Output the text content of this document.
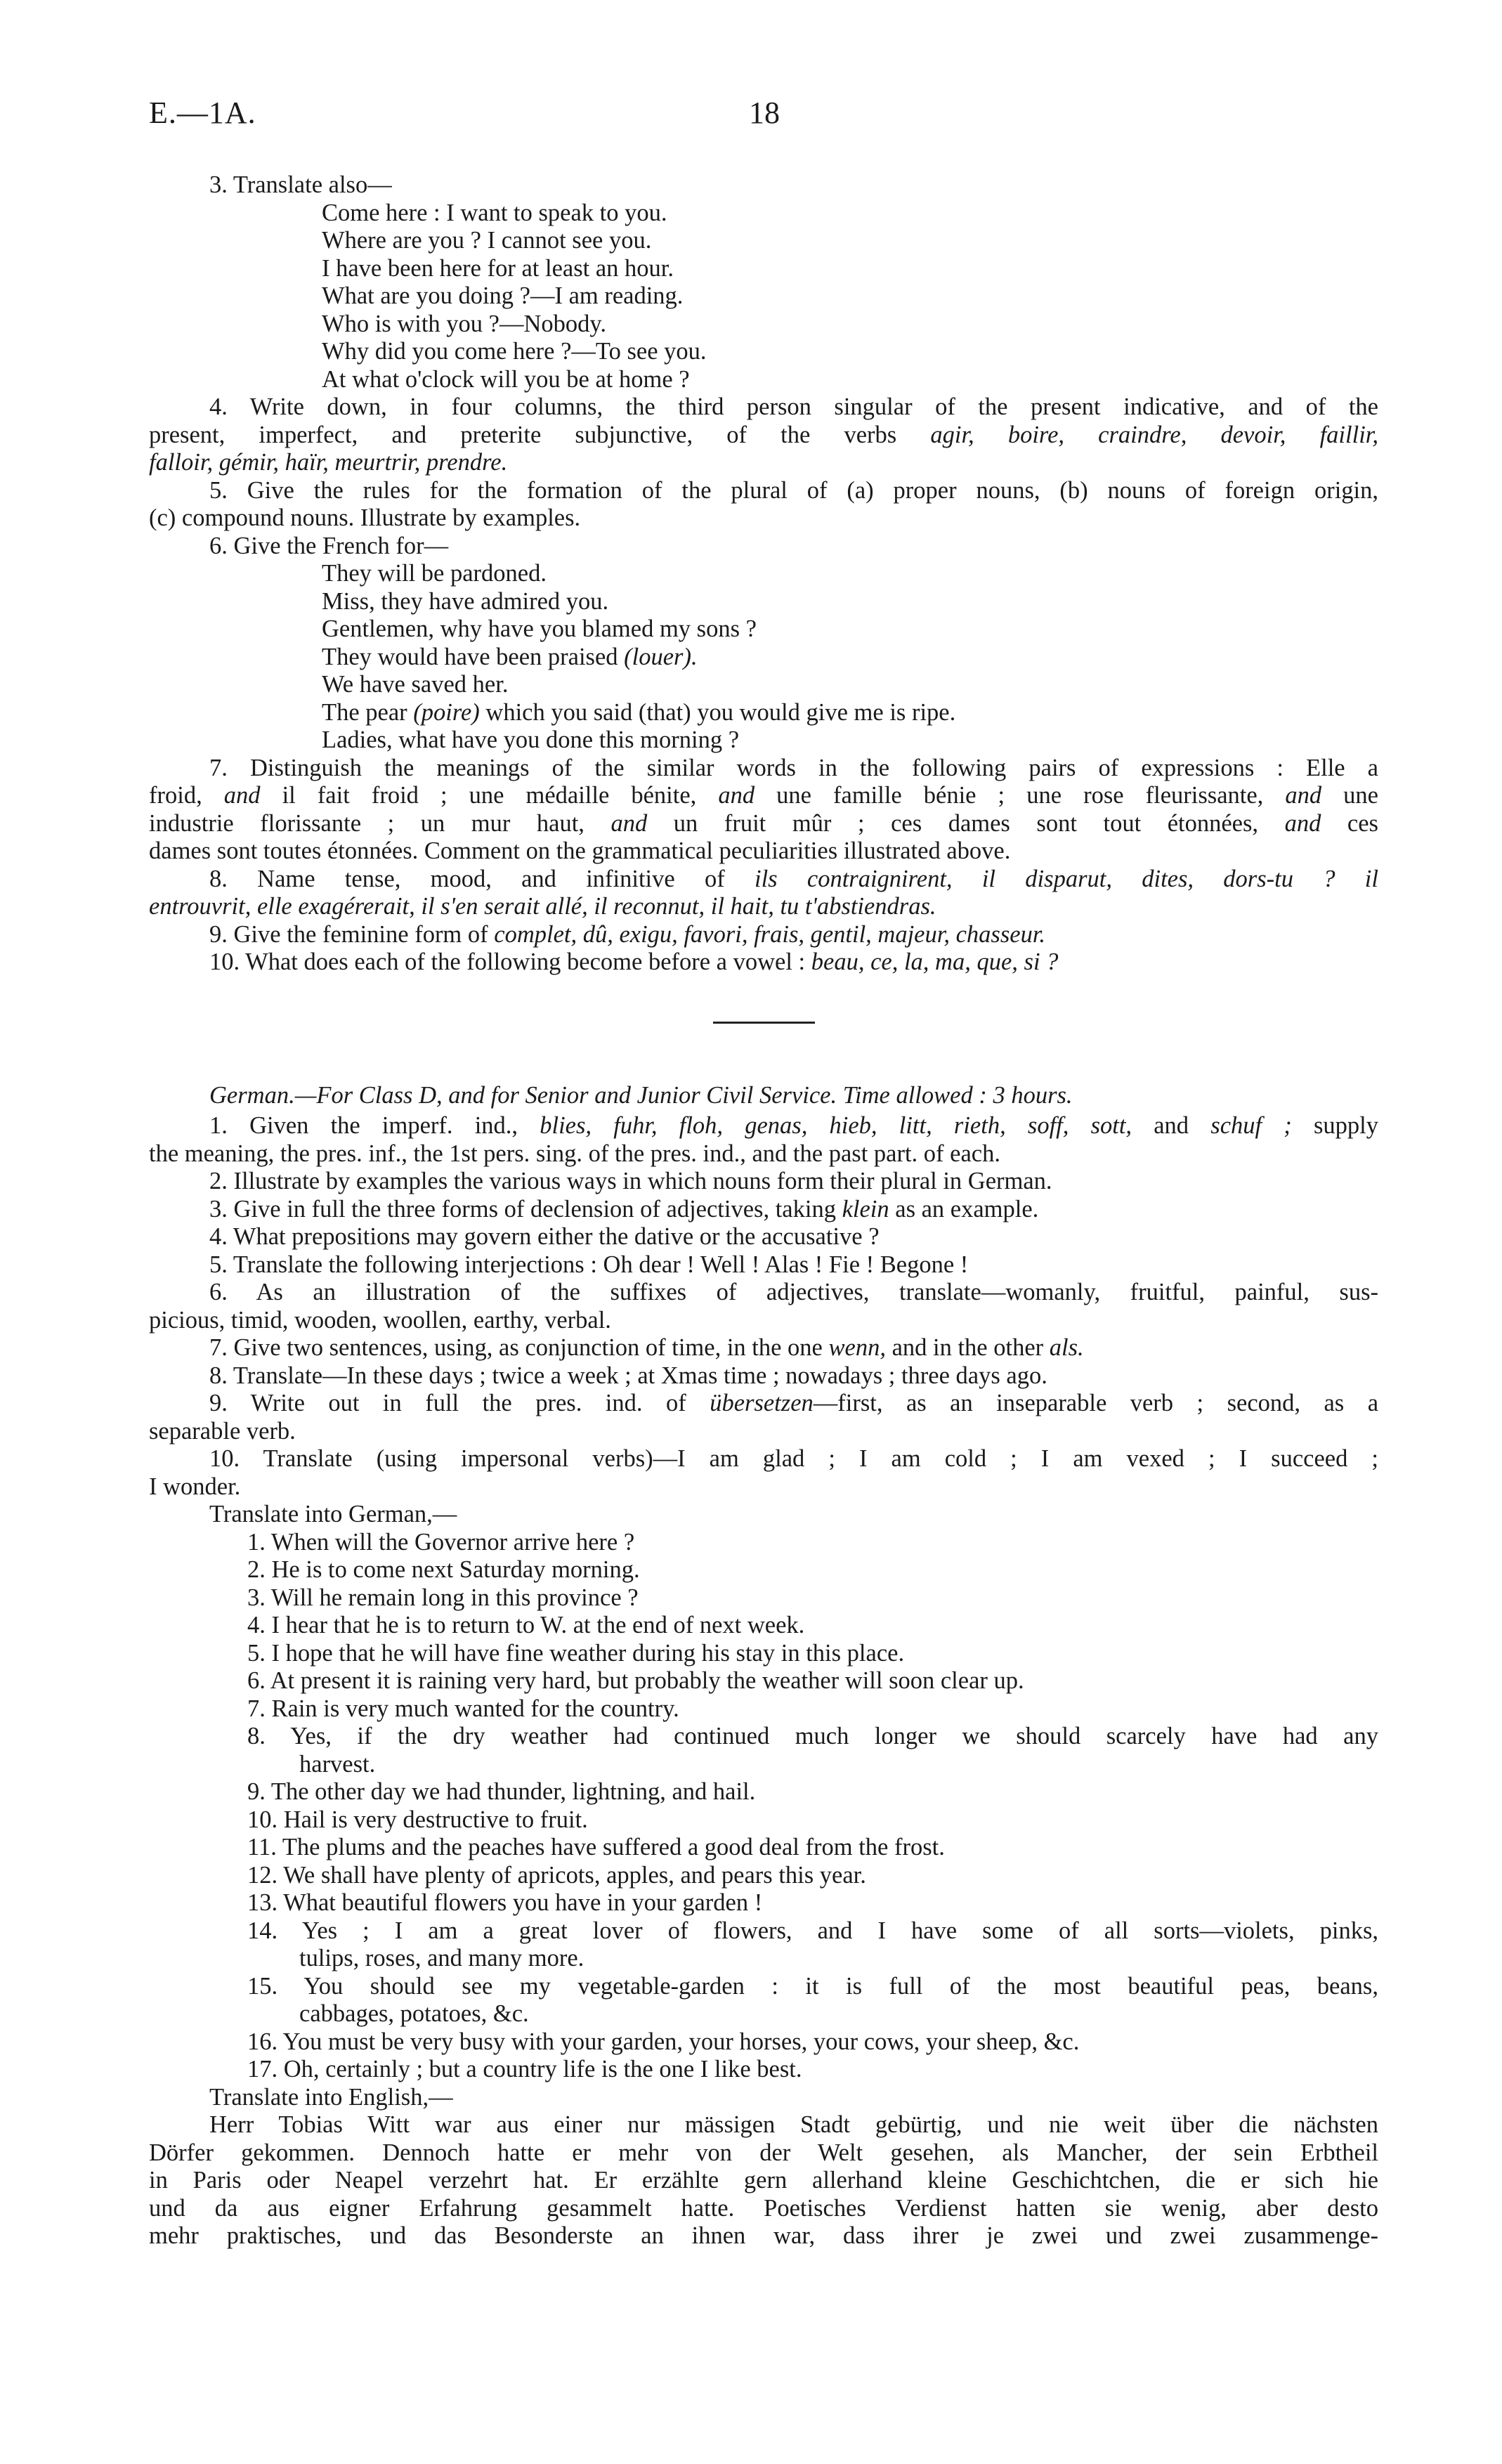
E.—1A.	18
3. Translate also—
Come here : I want to speak to you.
Where are you ? I cannot see you.
I have been here for at least an hour.
What are you doing ?—I am reading.
Who is with you ?—Nobody.
Why did you come here ?—To see you.
At what o'clock will you be at home ?
4. Write down, in four columns, the third person singular of the present indicative, and of the
present, imperfect, and preterite subjunctive, of the verbs agir, boire, craindre, devoir, faillir,
falloir, gémir, haïr, meurtrir, prendre.
5. Give the rules for the formation of the plural of (a) proper nouns, (b) nouns of foreign origin,
(c) compound nouns. Illustrate by examples.
6. Give the French for—
They will be pardoned.
Miss, they have admired you.
Gentlemen, why have you blamed my sons ?
They would have been praised (louer).
We have saved her.
The pear (poire) which you said (that) you would give me is ripe.
Ladies, what have you done this morning ?
7. Distinguish the meanings of the similar words in the following pairs of expressions : Elle a
froid, and il fait froid ; une médaille bénite, and une famille bénie ; une rose fleurissante, and une
industrie florissante ; un mur haut, and un fruit mûr ; ces dames sont tout étonnées, and ces
dames sont toutes étonnées. Comment on the grammatical peculiarities illustrated above.
8. Name tense, mood, and infinitive of ils contraignirent, il disparut, dites, dors-tu ? il
entrouvrit, elle exagérerait, il s'en serait allé, il reconnut, il hait, tu t'abstiendras.
9. Give the feminine form of complet, dû, exigu, favori, frais, gentil, majeur, chasseur.
10. What does each of the following become before a vowel : beau, ce, la, ma, que, si ?
German.—For Class D, and for Senior and Junior Civil Service. Time allowed : 3 hours.
1. Given the imperf. ind., blies, fuhr, floh, genas, hieb, litt, rieth, soff, sott, and schuf ; supply
the meaning, the pres. inf., the 1st pers. sing. of the pres. ind., and the past part. of each.
2. Illustrate by examples the various ways in which nouns form their plural in German.
3. Give in full the three forms of declension of adjectives, taking klein as an example.
4. What prepositions may govern either the dative or the accusative ?
5. Translate the following interjections : Oh dear ! Well ! Alas ! Fie ! Begone !
6. As an illustration of the suffixes of adjectives, translate—womanly, fruitful, painful, sus-
picious, timid, wooden, woollen, earthy, verbal.
7. Give two sentences, using, as conjunction of time, in the one wenn, and in the other als.
8. Translate—In these days ; twice a week ; at Xmas time ; nowadays ; three days ago.
9. Write out in full the pres. ind. of übersetzen—first, as an inseparable verb ; second, as a
separable verb.
10. Translate (using impersonal verbs)—I am glad ; I am cold ; I am vexed ; I succeed ;
I wonder.
Translate into German,—
1. When will the Governor arrive here ?
2. He is to come next Saturday morning.
3. Will he remain long in this province ?
4. I hear that he is to return to W. at the end of next week.
5. I hope that he will have fine weather during his stay in this place.
6. At present it is raining very hard, but probably the weather will soon clear up.
7. Rain is very much wanted for the country.
8. Yes, if the dry weather had continued much longer we should scarcely have had any
harvest.
9. The other day we had thunder, lightning, and hail.
10. Hail is very destructive to fruit.
11. The plums and the peaches have suffered a good deal from the frost.
12. We shall have plenty of apricots, apples, and pears this year.
13. What beautiful flowers you have in your garden !
14. Yes ; I am a great lover of flowers, and I have some of all sorts—violets, pinks,
tulips, roses, and many more.
15. You should see my vegetable-garden : it is full of the most beautiful peas, beans,
cabbages, potatoes, &c.
16. You must be very busy with your garden, your horses, your cows, your sheep, &c.
17. Oh, certainly ; but a country life is the one I like best.
Translate into English,—
Herr Tobias Witt war aus einer nur mässigen Stadt gebürtig, und nie weit über die nächsten
Dörfer gekommen. Dennoch hatte er mehr von der Welt gesehen, als Mancher, der sein Erbtheil
in Paris oder Neapel verzehrt hat. Er erzählte gern allerhand kleine Geschichtchen, die er sich hie
und da aus eigner Erfahrung gesammelt hatte. Poetisches Verdienst hatten sie wenig, aber desto
mehr praktisches, und das Besonderste an ihnen war, dass ihrer je zwei und zwei zusammenge-
